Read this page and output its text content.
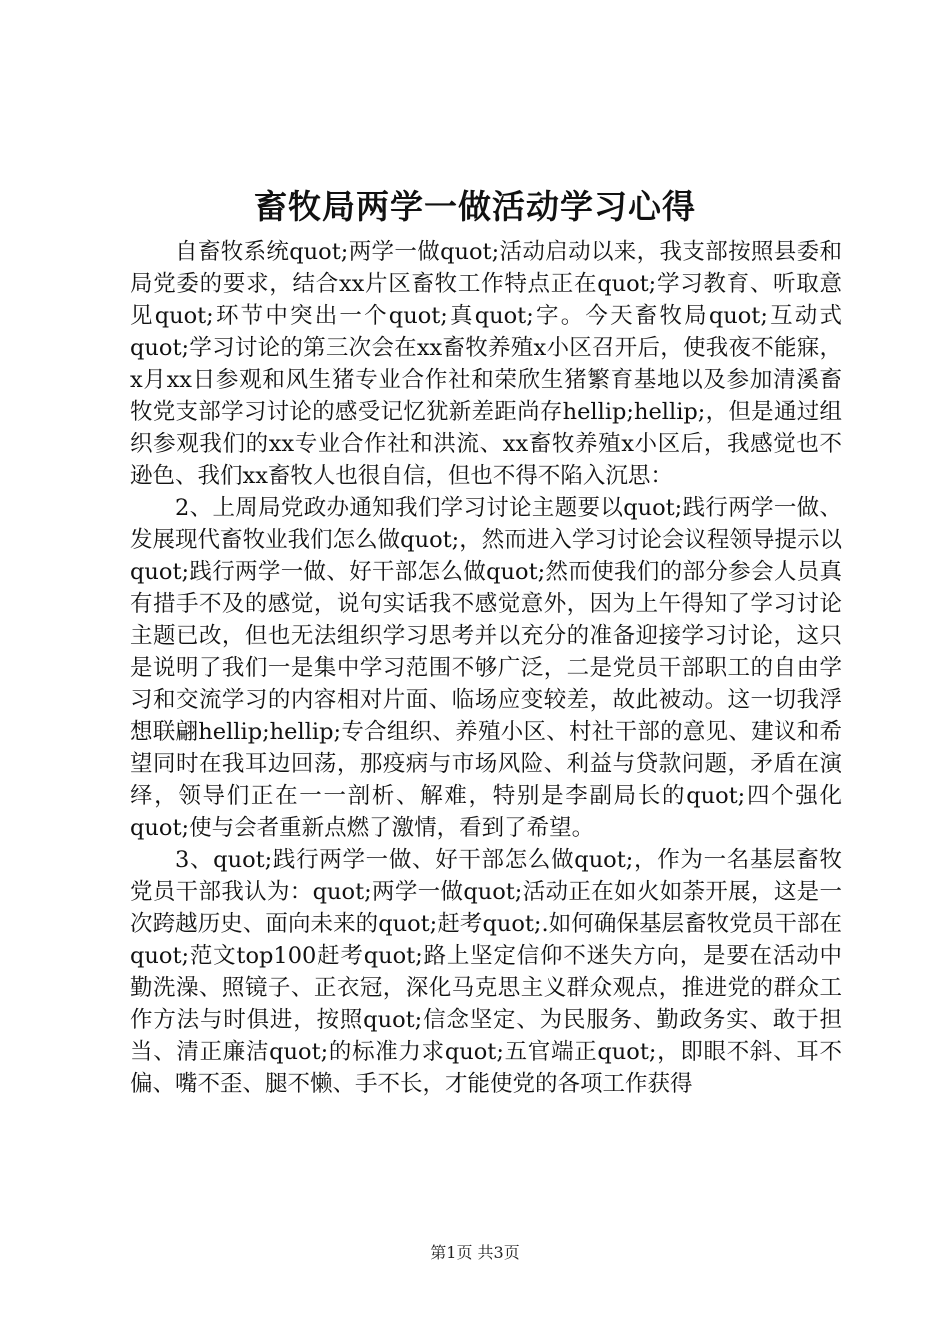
畜牧局两学一做活动学习心得

自畜牧系统quot;两学一做quot;活动启动以来，我支部按照县委和局党委的要求，结合xx片区畜牧工作特点正在quot;学习教育、听取意见quot;环节中突出一个quot;真quot;字。今天畜牧局quot;互动式quot;学习讨论的第三次会在xx畜牧养殖x小区召开后，使我夜不能寐，x月xx日参观和风生猪专业合作社和荣欣生猪繁育基地以及参加清溪畜牧党支部学习讨论的感受记忆犹新差距尚存hellip;hellip;，但是通过组织参观我们的xx专业合作社和洪流、xx畜牧养殖x小区后，我感觉也不逊色、我们xx畜牧人也很自信，但也不得不陷入沉思：

2、上周局党政办通知我们学习讨论主题要以quot;践行两学一做、发展现代畜牧业我们怎么做quot;，然而进入学习讨论会议程领导提示以quot;践行两学一做、好干部怎么做quot;然而使我们的部分参会人员真有措手不及的感觉，说句实话我不感觉意外，因为上午得知了学习讨论主题已改，但也无法组织学习思考并以充分的准备迎接学习讨论，这只是说明了我们一是集中学习范围不够广泛，二是党员干部职工的自由学习和交流学习的内容相对片面、临场应变较差，故此被动。这一切我浮想联翩hellip;hellip;专合组织、养殖小区、村社干部的意见、建议和希望同时在我耳边回荡，那疫病与市场风险、利益与贷款问题，矛盾在演绎，领导们正在一一剖析、解难，特别是李副局长的quot;四个强化quot;使与会者重新点燃了激情，看到了希望。

3、quot;践行两学一做、好干部怎么做quot;，作为一名基层畜牧党员干部我认为：quot;两学一做quot;活动正在如火如荼开展，这是一次跨越历史、面向未来的quot;赶考quot;.如何确保基层畜牧党员干部在quot;范文top100赶考quot;路上坚定信仰不迷失方向，是要在活动中勤洗澡、照镜子、正衣冠，深化马克思主义群众观点，推进党的群众工作方法与时俱进，按照quot;信念坚定、为民服务、勤政务实、敢于担当、清正廉洁quot;的标准力求quot;五官端正quot;，即眼不斜、耳不偏、嘴不歪、腿不懒、手不长，才能使党的各项工作获得

第1页 共3页
